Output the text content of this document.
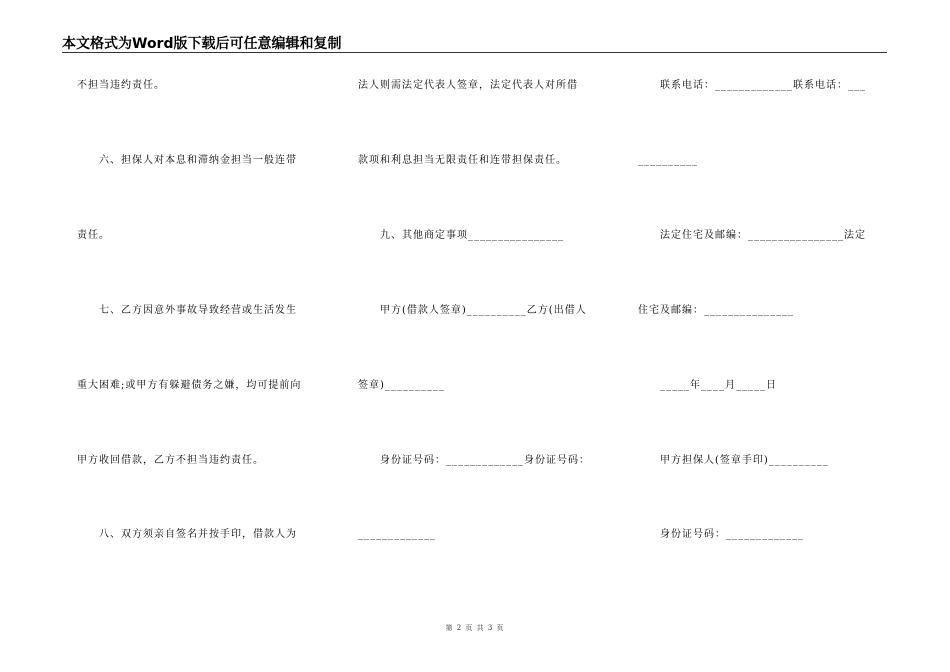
本文格式为Word版下载后可任意编辑和复制
不担当违约责任。
　　六、担保人对本息和滞纳金担当一般连带
责任。
　　七、乙方因意外事故导致经营或生活发生
重大困难;或甲方有躲避债务之嫌，均可提前向
甲方收回借款，乙方不担当违约责任。
　　八、双方须亲自签名并按手印，借款人为
法人则需法定代表人签章，法定代表人对所借
款项和利息担当无限责任和连带担保责任。
　　九、其他商定事项________________
　　甲方(借款人签章)__________乙方(出借人
签章)__________
　　身份证号码：_____________身份证号码：
_____________
　　联系电话：_____________联系电话：___
__________
　　法定住宅及邮编：________________法定
住宅及邮编：_______________
　　_____年____月_____日
　　甲方担保人(签章手印)__________
　　身份证号码：_____________
第 2 页 共 3 页
